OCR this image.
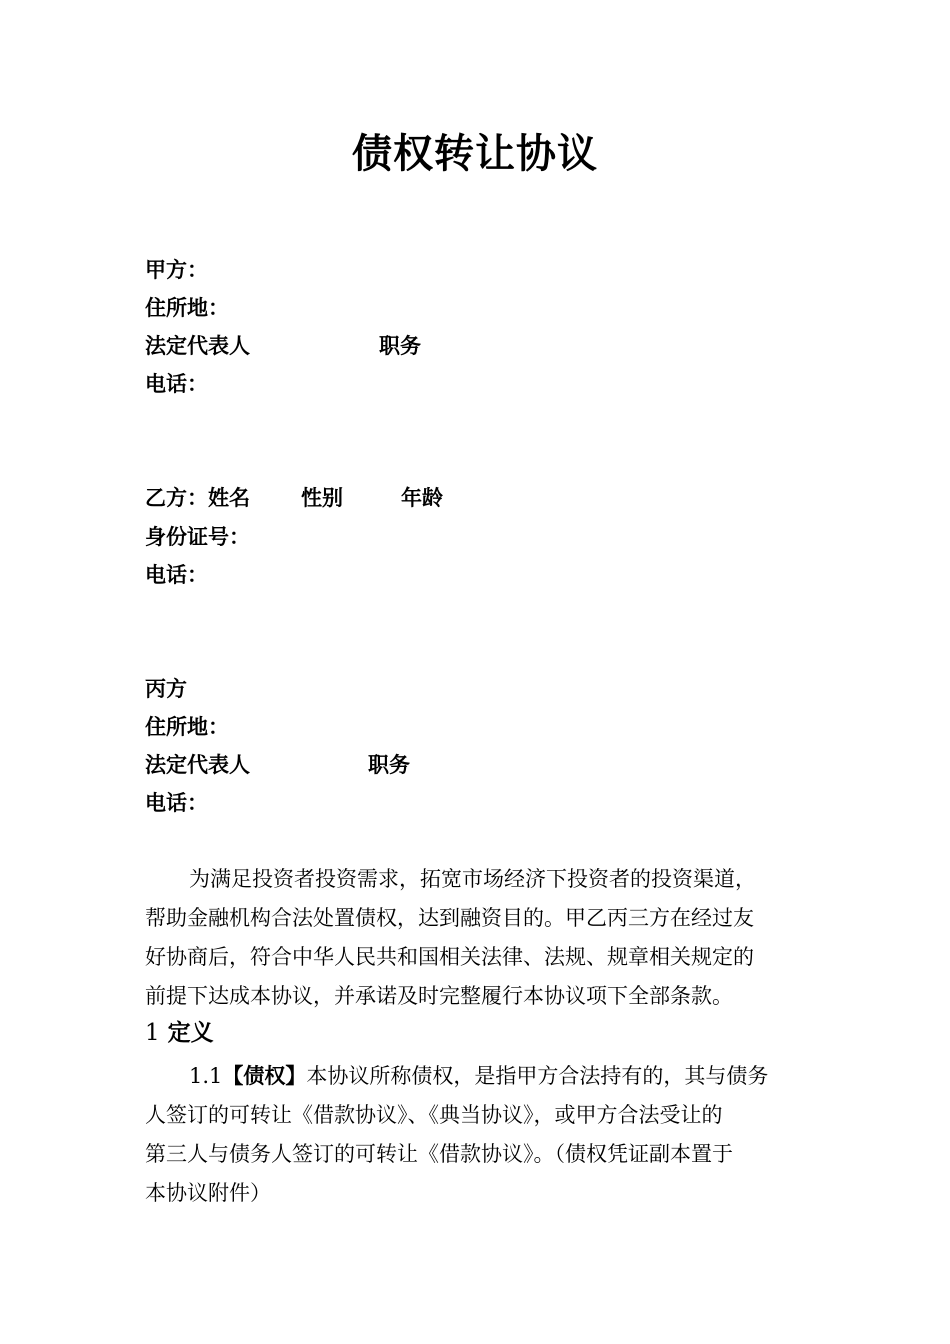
债权转让协议
甲方：
住所地：
法定代表人	职务
电话：
乙方：姓名 性别	年龄
身份证号：
电话：
丙方
住所地：
法定代表人	职务
电话：
为满足投资者投资需求，拓宽市场经济下投资者的投资渠道，
帮助金融机构合法处置债权，达到融资目的。甲乙丙三方在经过友
好协商后，符合中华人民共和国相关法律、法规、规章相关规定的
前提下达成本协议，并承诺及时完整履行本协议项下全部条款。
1 定义
1.1【债权】本协议所称债权，是指甲方合法持有的，其与债务
人签订的可转让《借款协议》、《典当协议》，或甲方合法受让的
第三人与债务人签订的可转让《借款协议》。（债权凭证副本置于
本协议附件）
